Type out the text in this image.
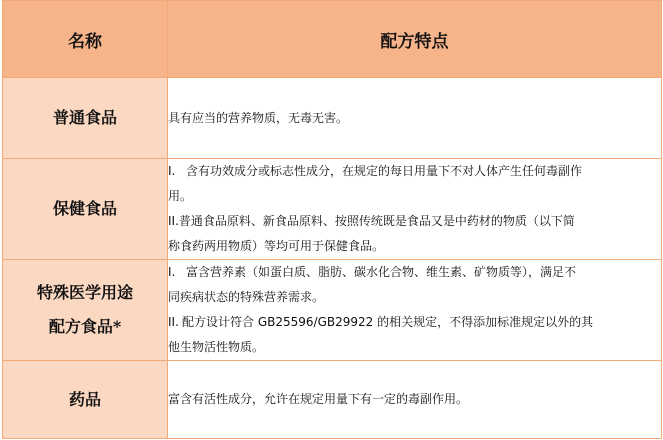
名称	配方特点

普通食品	具有应当的营养物质，无毒无害。

保健食品	I. 含有功效成分或标志性成分，在规定的每日用量下不对人体产生任何毒副作
用。
II.普通食品原料、新食品原料、按照传统既是食品又是中药材的物质（以下简
称食药两用物质）等均可用于保健食品。

特殊医学用途
配方食品*	I. 富含营养素（如蛋白质、脂肪、碳水化合物、维生素、矿物质等），满足不
同疾病状态的特殊营养需求。
II. 配方设计符合 GB25596/GB29922 的相关规定，不得添加标准规定以外的其
他生物活性物质。

药品	富含有活性成分，允许在规定用量下有一定的毒副作用。
